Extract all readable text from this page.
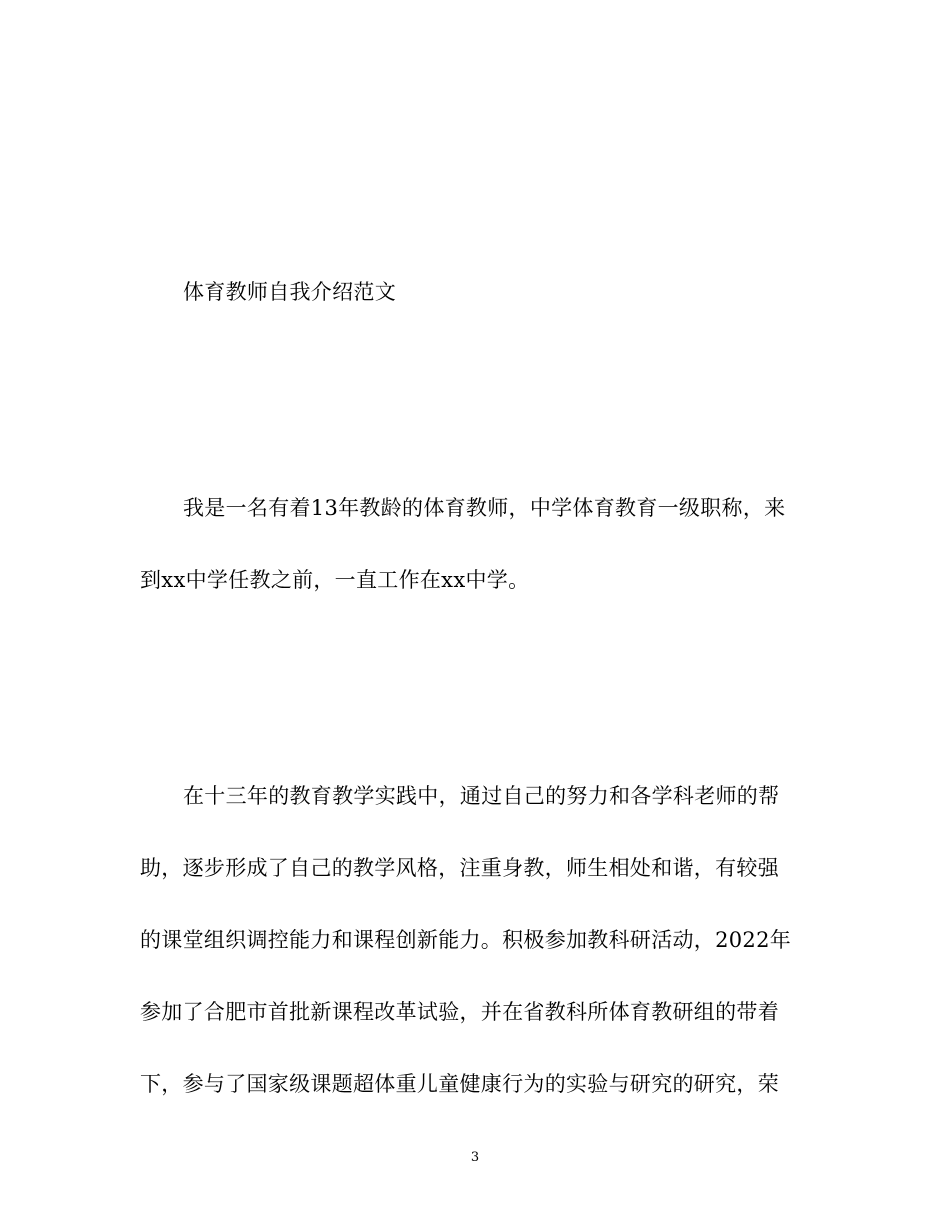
体育教师自我介绍范文
我是一名有着13年教龄的体育教师，中学体育教育一级职称，来
到xx中学任教之前，一直工作在xx中学。
在十三年的教育教学实践中，通过自己的努力和各学科老师的帮
助，逐步形成了自己的教学风格，注重身教，师生相处和谐，有较强
的课堂组织调控能力和课程创新能力。积极参加教科研活动，2022年
参加了合肥市首批新课程改革试验，并在省教科所体育教研组的带着
下，参与了国家级课题超体重儿童健康行为的实验与研究的研究，荣
3
